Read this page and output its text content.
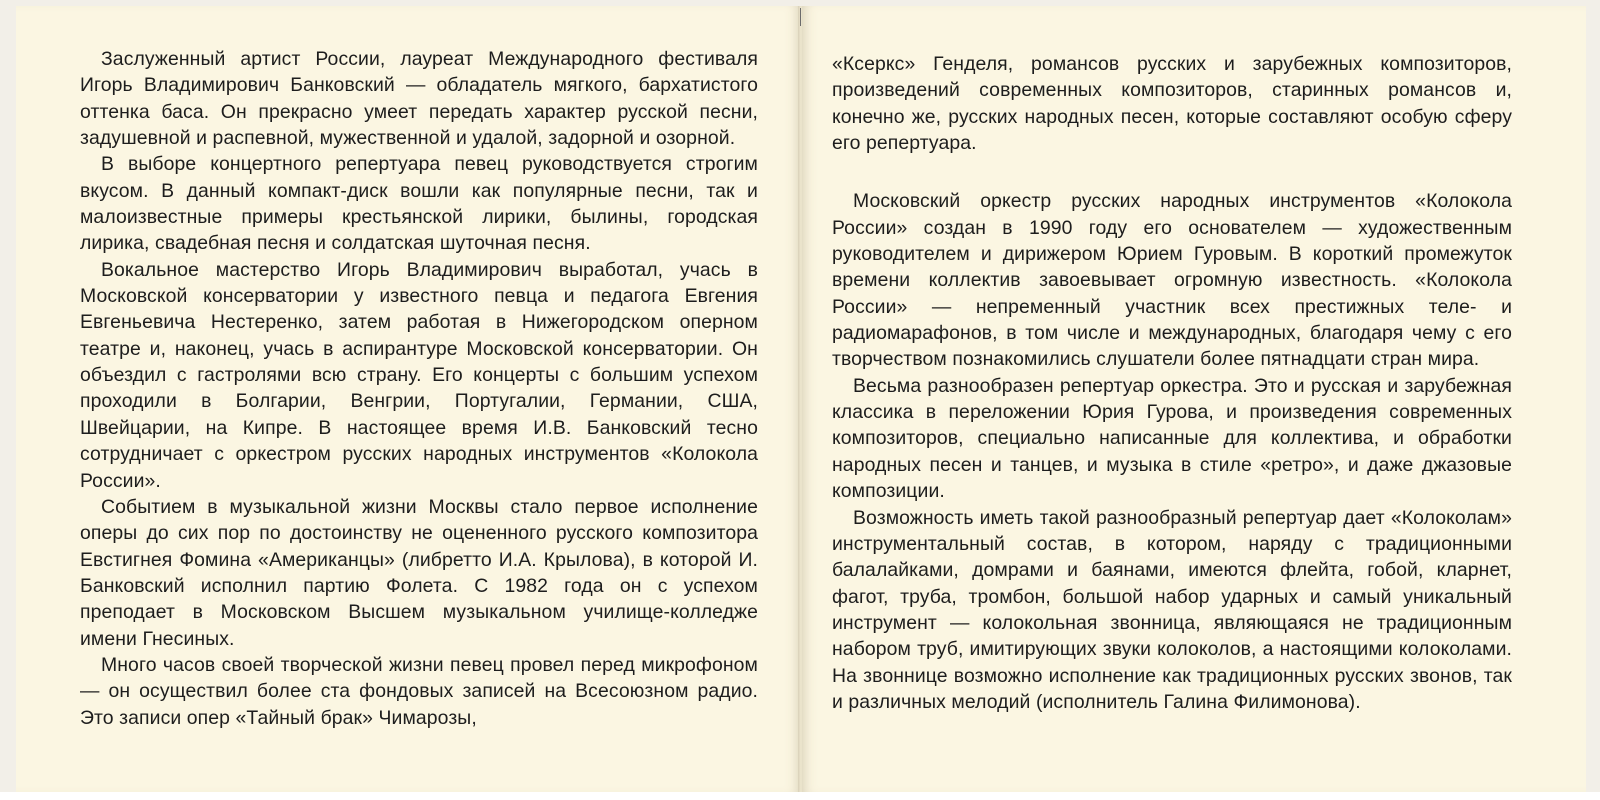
Заслуженный артист России, лауреат Международного фестиваля Игорь Владимирович Банковский — обладатель мягкого, бархатистого оттенка баса. Он прекрасно умеет передать характер русской песни, задушевной и распевной, мужественной и удалой, задорной и озорной.

В выборе концертного репертуара певец руководствуется строгим вкусом. В данный компакт-диск вошли как популярные песни, так и малоизвестные примеры крестьянской лирики, былины, городская лирика, свадебная песня и солдатская шуточная песня.

Вокальное мастерство Игорь Владимирович выработал, учась в Московской консерватории у известного певца и педагога Евгения Евгеньевича Нестеренко, затем работая в Нижегородском оперном театре и, наконец, учась в аспирантуре Московской консерватории. Он объездил с гастролями всю страну. Его концерты с большим успехом проходили в Болгарии, Венгрии, Португалии, Германии, США, Швейцарии, на Кипре. В настоящее время И.В. Банковский тесно сотрудничает с оркестром русских народных инструментов «Колокола России».

Событием в музыкальной жизни Москвы стало первое исполнение оперы до сих пор по достоинству не оцененного русского композитора Евстигнея Фомина «Американцы» (либретто И.А. Крылова), в которой И. Банковский исполнил партию Фолета. С 1982 года он с успехом преподает в Московском Высшем музыкальном училище-колледже имени Гнесиных.

Много часов своей творческой жизни певец провел перед микрофоном — он осуществил более ста фондовых записей на Всесоюзном радио. Это записи опер «Тайный брак» Чимарозы,

«Ксеркс» Генделя, романсов русских и зарубежных композиторов, произведений современных композиторов, старинных романсов и, конечно же, русских народных песен, которые составляют особую сферу его репертуара.

Московский оркестр русских народных инструментов «Колокола России» создан в 1990 году его основателем — художественным руководителем и дирижером Юрием Гуровым. В короткий промежуток времени коллектив завоевывает огромную известность. «Колокола России» — непременный участник всех престижных теле- и радиомарафонов, в том числе и международных, благодаря чему с его творчеством познакомились слушатели более пятнадцати стран мира.

Весьма разнообразен репертуар оркестра. Это и русская и зарубежная классика в переложении Юрия Гурова, и произведения современных композиторов, специально написанные для коллектива, и обработки народных песен и танцев, и музыка в стиле «ретро», и даже джазовые композиции.

Возможность иметь такой разнообразный репертуар дает «Колоколам» инструментальный состав, в котором, наряду с традиционными балалайками, домрами и баянами, имеются флейта, гобой, кларнет, фагот, труба, тромбон, большой набор ударных и самый уникальный инструмент — колокольная звонница, являющаяся не традиционным набором труб, имитирующих звуки колоколов, а настоящими колоколами. На звоннице возможно исполнение как традиционных русских звонов, так и различных мелодий (исполнитель Галина Филимонова).
